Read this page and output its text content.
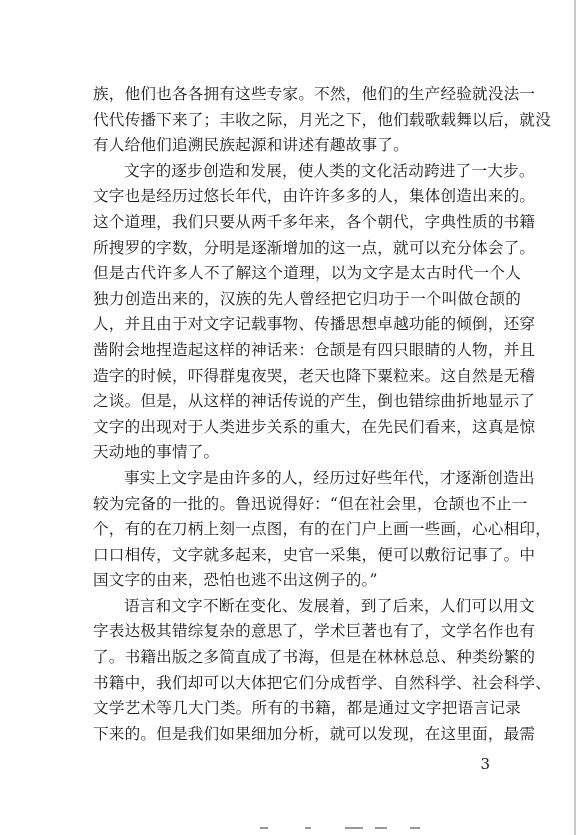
族，他们也各各拥有这些专家。不然，他们的生产经验就没法一
代代传播下来了；丰收之际，月光之下，他们载歌载舞以后，就没
有人给他们追溯民族起源和讲述有趣故事了。
文字的逐步创造和发展，使人类的文化活动跨进了一大步。
文字也是经历过悠长年代，由许许多多的人，集体创造出来的。
这个道理，我们只要从两千多年来，各个朝代，字典性质的书籍
所搜罗的字数，分明是逐渐增加的这一点，就可以充分体会了。
但是古代许多人不了解这个道理，以为文字是太古时代一个人
独力创造出来的，汉族的先人曾经把它归功于一个叫做仓颉的
人，并且由于对文字记载事物、传播思想卓越功能的倾倒，还穿
凿附会地捏造起这样的神话来：仓颉是有四只眼睛的人物，并且
造字的时候，吓得群鬼夜哭，老天也降下粟粒来。这自然是无稽
之谈。但是，从这样的神话传说的产生，倒也错综曲折地显示了
文字的出现对于人类进步关系的重大，在先民们看来，这真是惊
天动地的事情了。
事实上文字是由许多的人，经历过好些年代，才逐渐创造出
较为完备的一批的。鲁迅说得好：“但在社会里，仓颉也不止一
个，有的在刀柄上刻一点图，有的在门户上画一些画，心心相印，
口口相传，文字就多起来，史官一采集，便可以敷衍记事了。中
国文字的由来，恐怕也逃不出这例子的。”
语言和文字不断在变化、发展着，到了后来，人们可以用文
字表达极其错综复杂的意思了，学术巨著也有了，文学名作也有
了。书籍出版之多简直成了书海，但是在林林总总、种类纷繁的
书籍中，我们却可以大体把它们分成哲学、自然科学、社会科学、
文学艺术等几大门类。所有的书籍，都是通过文字把语言记录
下来的。但是我们如果细加分析，就可以发现，在这里面，最需
3
